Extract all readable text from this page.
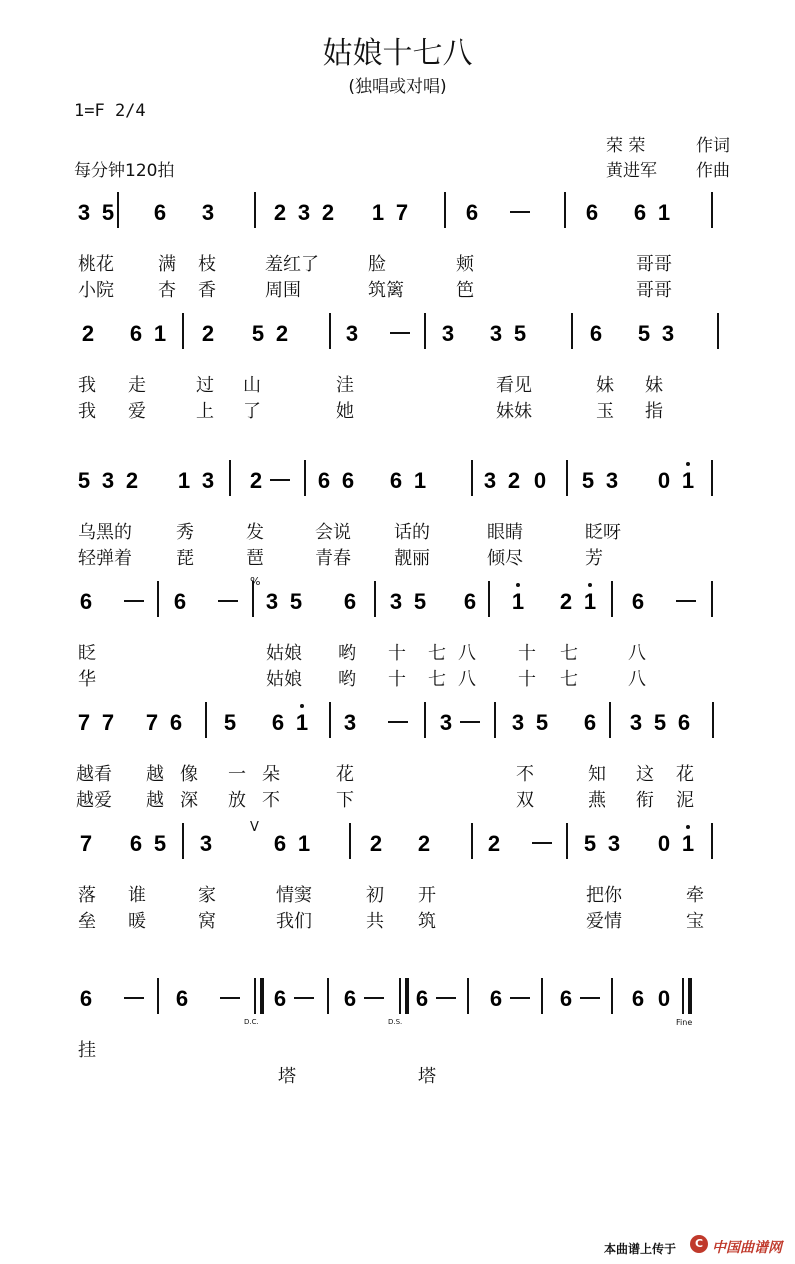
姑娘十七八
(独唱或对唱)
1=F 2/4
每分钟120拍
荣 荣	作词
黄进军 作曲
3 5 6 3	2 3 2 1 7	6	6 6 1
2 6 1 2 5 2	3	3 3 5	6 5 3
5 3 2 1 3 2	6 6 6 1	3 2 0 5 3 0 1
6	6	3 5 6 3 5 6 1 2 1 6
7 7 7 6 5 6 1 3	3	3 5 6 3 5 6
7 6 5 3	6 1	2 2	2	5 3 0 1
6	6	6	6	6	6	6	6 0
D.C.	D.S.	Fine
V
%
桃花 满 枝	羞红了	脸	颊	哥哥
小院 杏 香	周围	筑篱	笆	哥哥
我 走	过 山	洼	看见	妹 妹
我 爱	上 了	她	妹妹	玉 指
乌黑的 秀	发	会说 话的	眼睛	眨呀
轻弹着 琵	琶	青春 靓丽	倾尽	芳
眨	姑娘 哟 十 七 八 十 七	八
华	姑娘 哟 十 七 八 十 七	八
越看 越 像 一 朵	花	不	知 这 花
越爱 越 深 放 不	下	双	燕 衔 泥
落 谁	家	情窦	初 开	把你	牵
垒 暖	窝	我们	共 筑	爱情	宝
挂
塔	塔
本曲谱上传于	C 中国曲谱网
